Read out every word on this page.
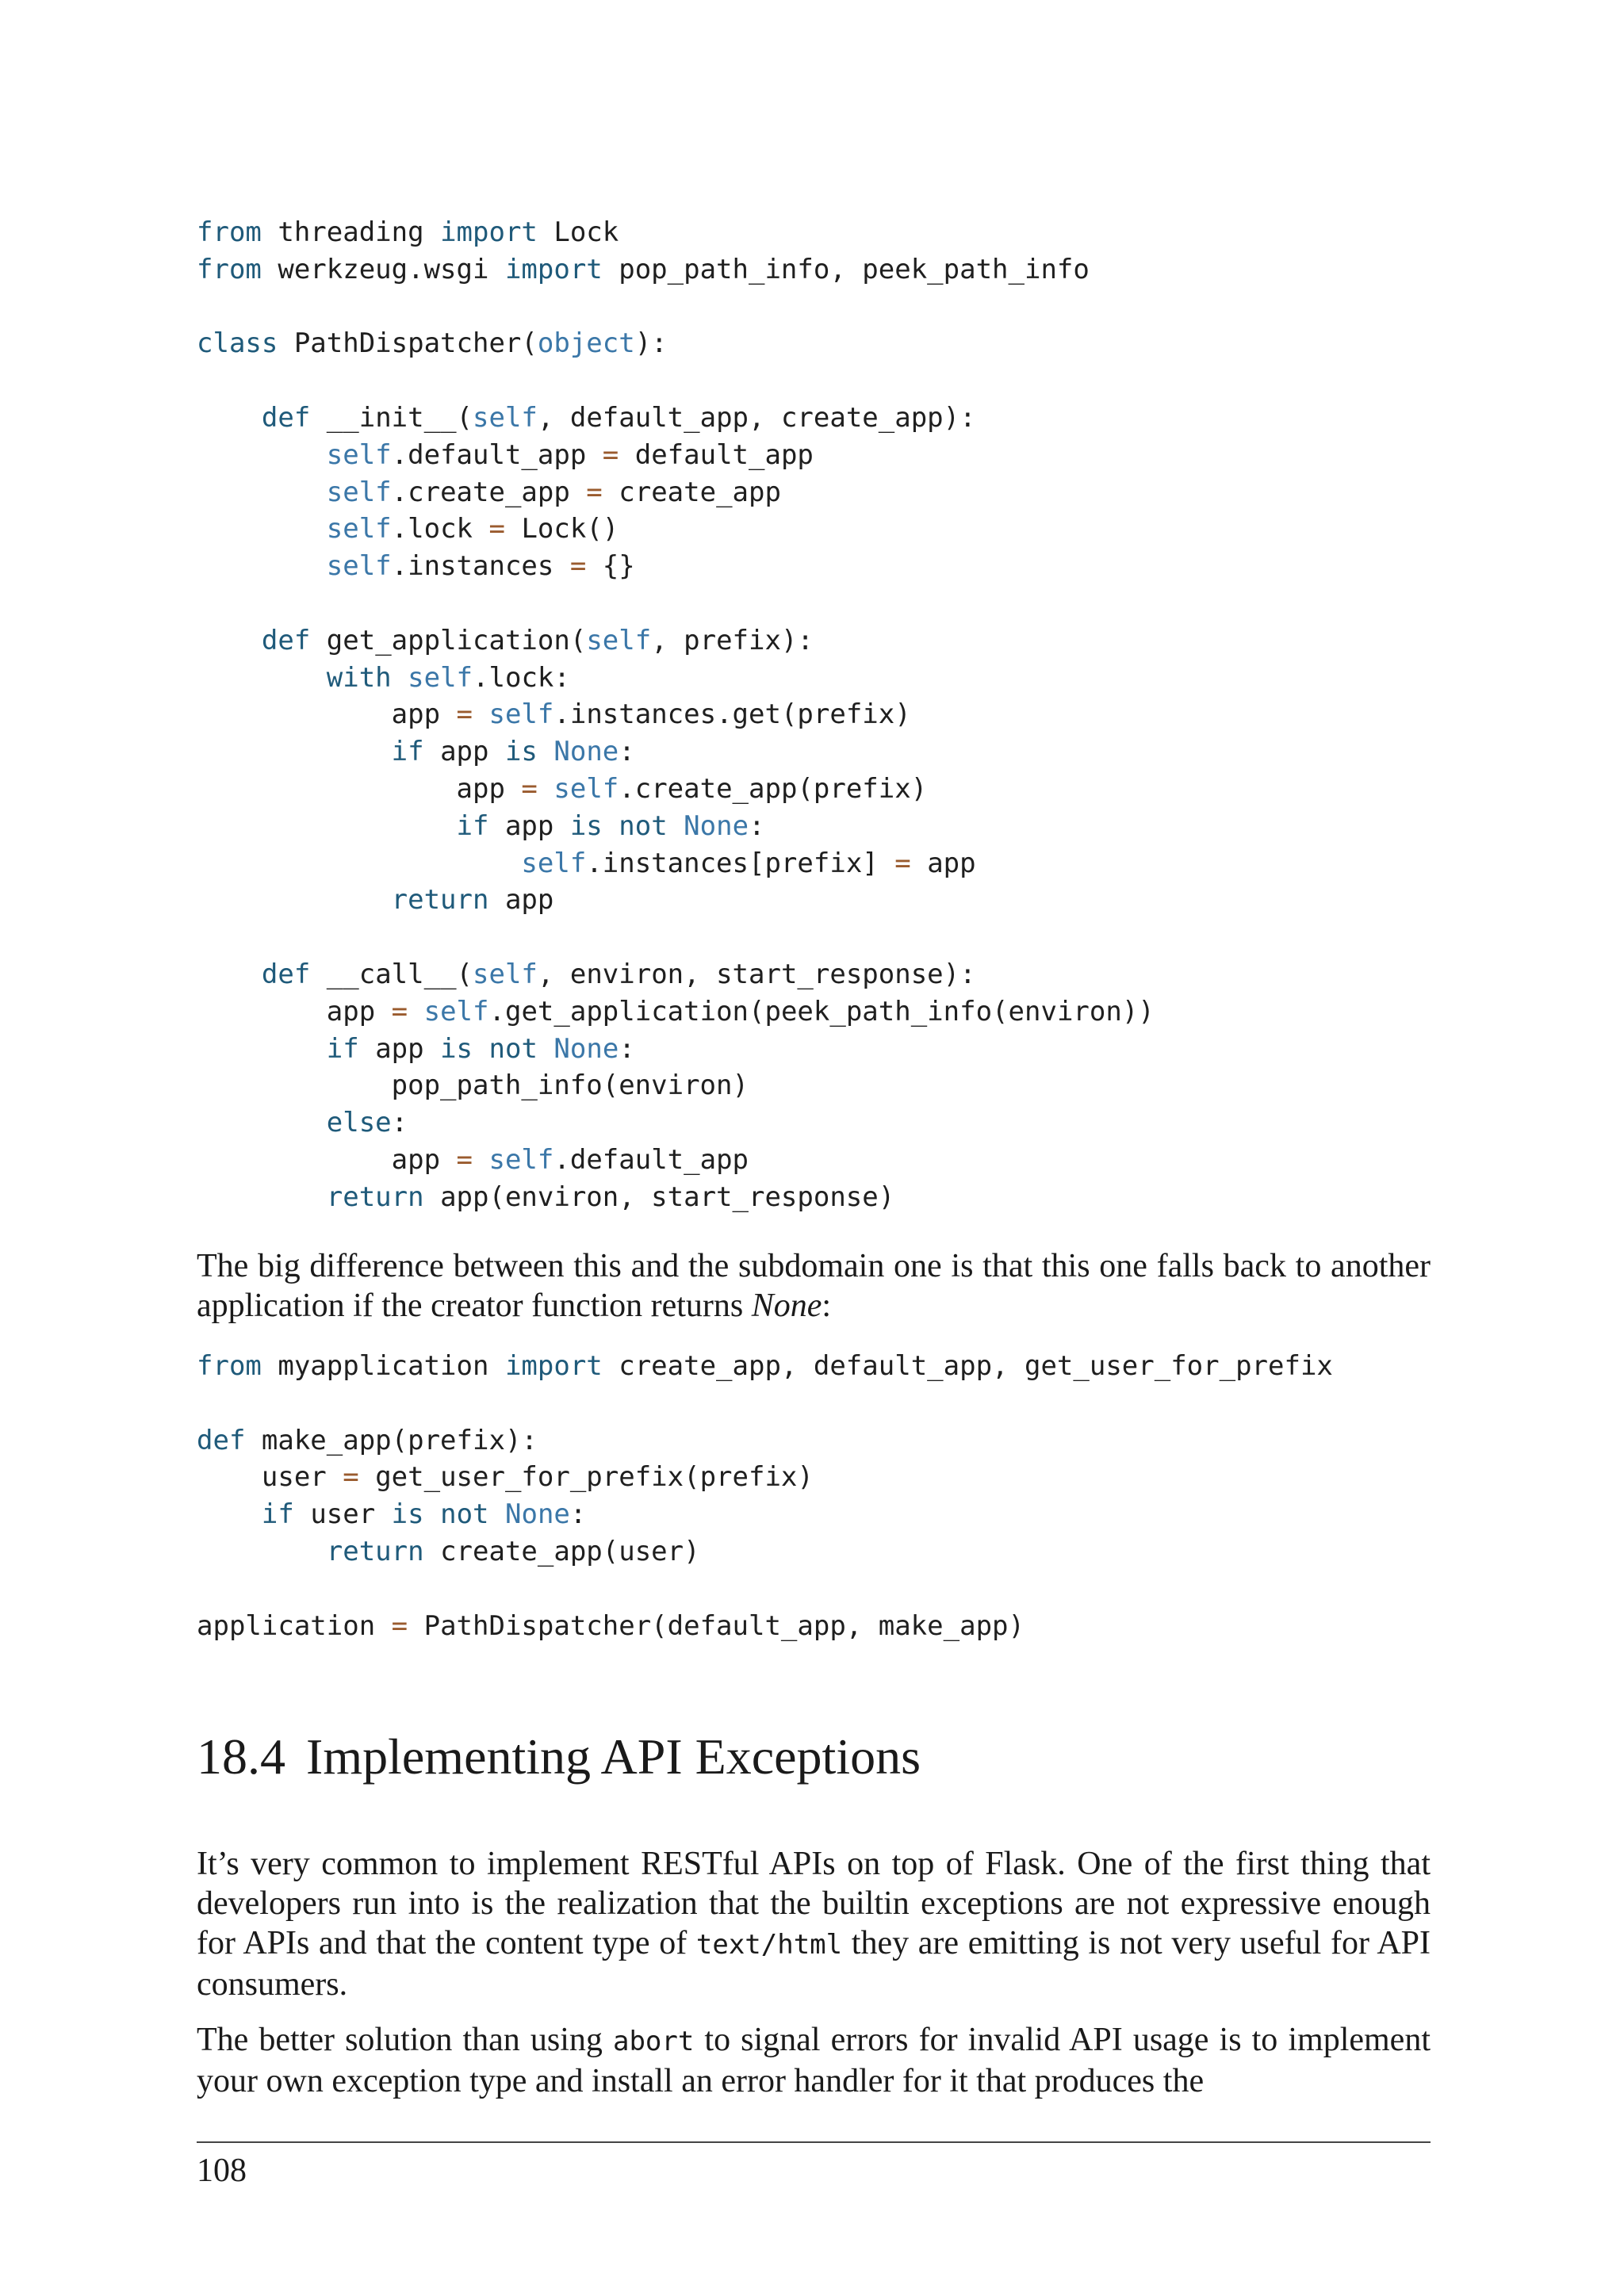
from threading import Lock
from werkzeug.wsgi import pop_path_info, peek_path_info

class PathDispatcher(object):

def __init__(self, default_app, create_app):
self.default_app = default_app
self.create_app = create_app
self.lock = Lock()
self.instances = {}

def get_application(self, prefix):
with self.lock:
app = self.instances.get(prefix)
if app is None:
app = self.create_app(prefix)
if app is not None:
self.instances[prefix] = app
return app

def __call__(self, environ, start_response):
app = self.get_application(peek_path_info(environ))
if app is not None:
pop_path_info(environ)
else:
app = self.default_app
return app(environ, start_response)

The big difference between this and the subdomain one is that this one falls back to another application if the creator function returns None:

from myapplication import create_app, default_app, get_user_for_prefix

def make_app(prefix):
user = get_user_for_prefix(prefix)
if user is not None:
return create_app(user)

application = PathDispatcher(default_app, make_app)
18.4 Implementing API Exceptions

It’s very common to implement RESTful APIs on top of Flask. One of the first thing that developers run into is the realization that the builtin exceptions are not expressive enough for APIs and that the content type of text/html they are emitting is not very useful for API consumers.

The better solution than using abort to signal errors for invalid API usage is to implement your own exception type and install an error handler for it that produces the

108
